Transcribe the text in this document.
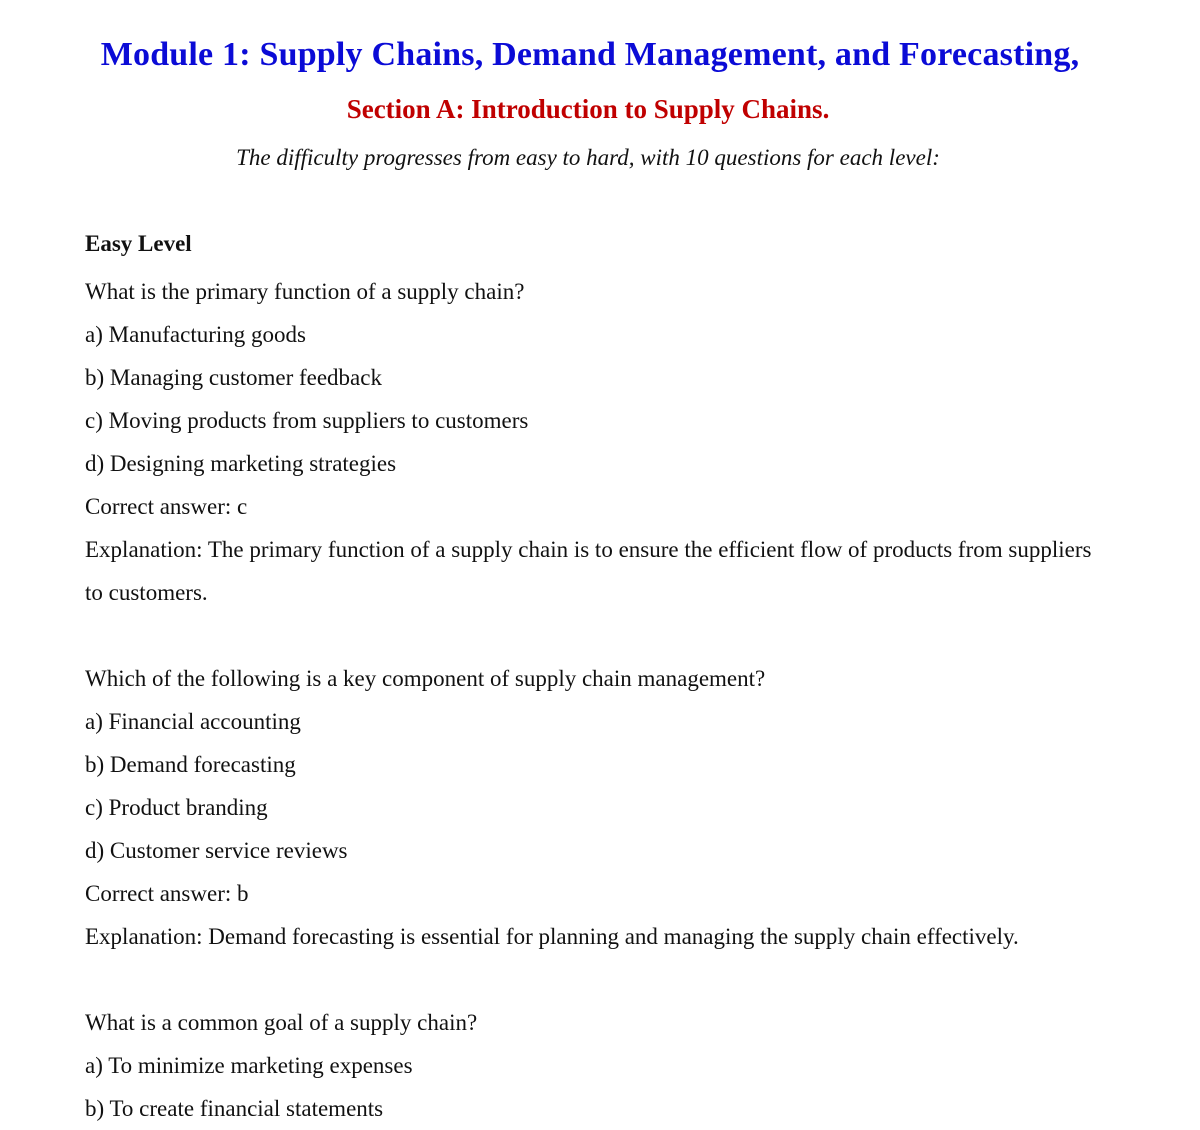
Module 1: Supply Chains, Demand Management, and Forecasting,
Section A: Introduction to Supply Chains.
The difficulty progresses from easy to hard, with 10 questions for each level:
Easy Level

What is the primary function of a supply chain?

a) Manufacturing goods

b) Managing customer feedback

c) Moving products from suppliers to customers

d) Designing marketing strategies

Correct answer: c

Explanation: The primary function of a supply chain is to ensure the efficient flow of products from suppliers to customers.

Which of the following is a key component of supply chain management?

a) Financial accounting

b) Demand forecasting

c) Product branding

d) Customer service reviews

Correct answer: b

Explanation: Demand forecasting is essential for planning and managing the supply chain effectively.

What is a common goal of a supply chain?

a) To minimize marketing expenses

b) To create financial statements
